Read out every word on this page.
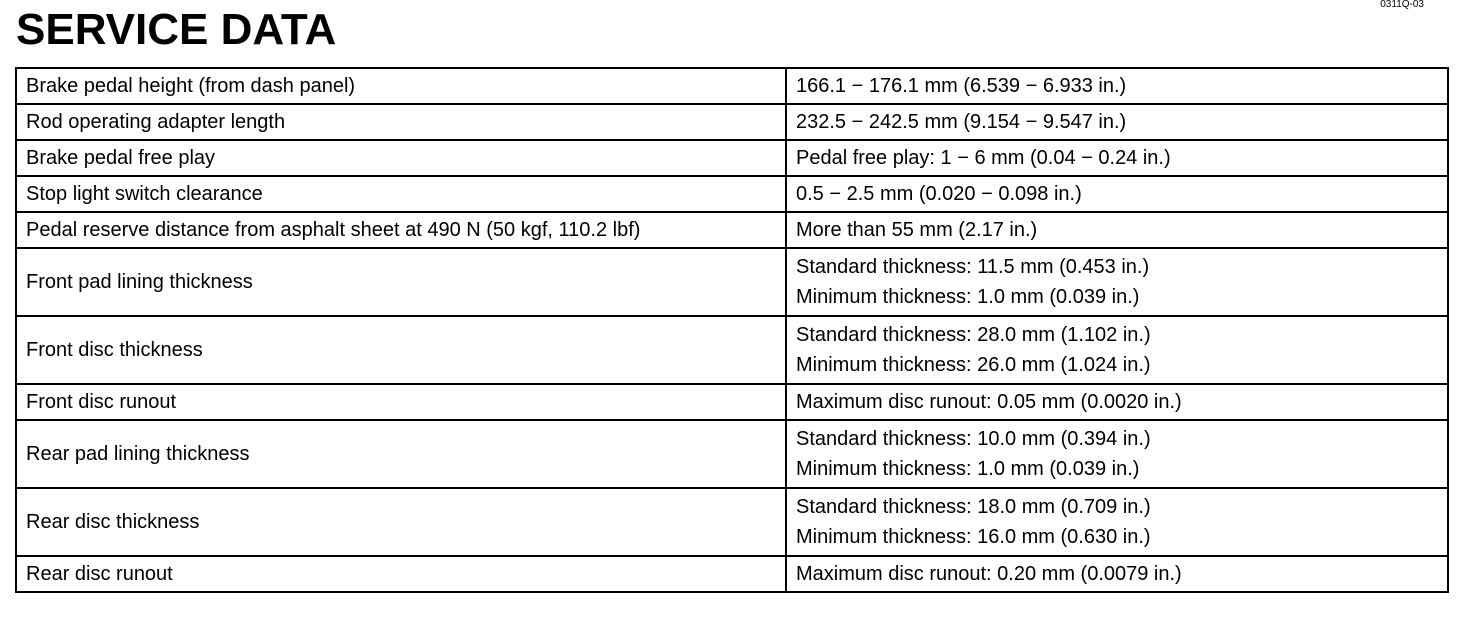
0311Q-03
SERVICE DATA
Brake pedal height (from dash panel)	166.1 − 176.1 mm (6.539 − 6.933 in.)

Rod operating adapter length	232.5 − 242.5 mm (9.154 − 9.547 in.)

Brake pedal free play	Pedal free play: 1 − 6 mm (0.04 − 0.24 in.)

Stop light switch clearance	0.5 − 2.5 mm (0.020 − 0.098 in.)

Pedal reserve distance from asphalt sheet at 490 N (50 kgf, 110.2 lbf)	More than 55 mm (2.17 in.)

Front pad lining thickness	Standard thickness: 11.5 mm (0.453 in.)
Minimum thickness: 1.0 mm (0.039 in.)

Front disc thickness	Standard thickness: 28.0 mm (1.102 in.)
Minimum thickness: 26.0 mm (1.024 in.)

Front disc runout	Maximum disc runout: 0.05 mm (0.0020 in.)

Rear pad lining thickness	Standard thickness: 10.0 mm (0.394 in.)
Minimum thickness: 1.0 mm (0.039 in.)

Rear disc thickness	Standard thickness: 18.0 mm (0.709 in.)
Minimum thickness: 16.0 mm (0.630 in.)

Rear disc runout	Maximum disc runout: 0.20 mm (0.0079 in.)
